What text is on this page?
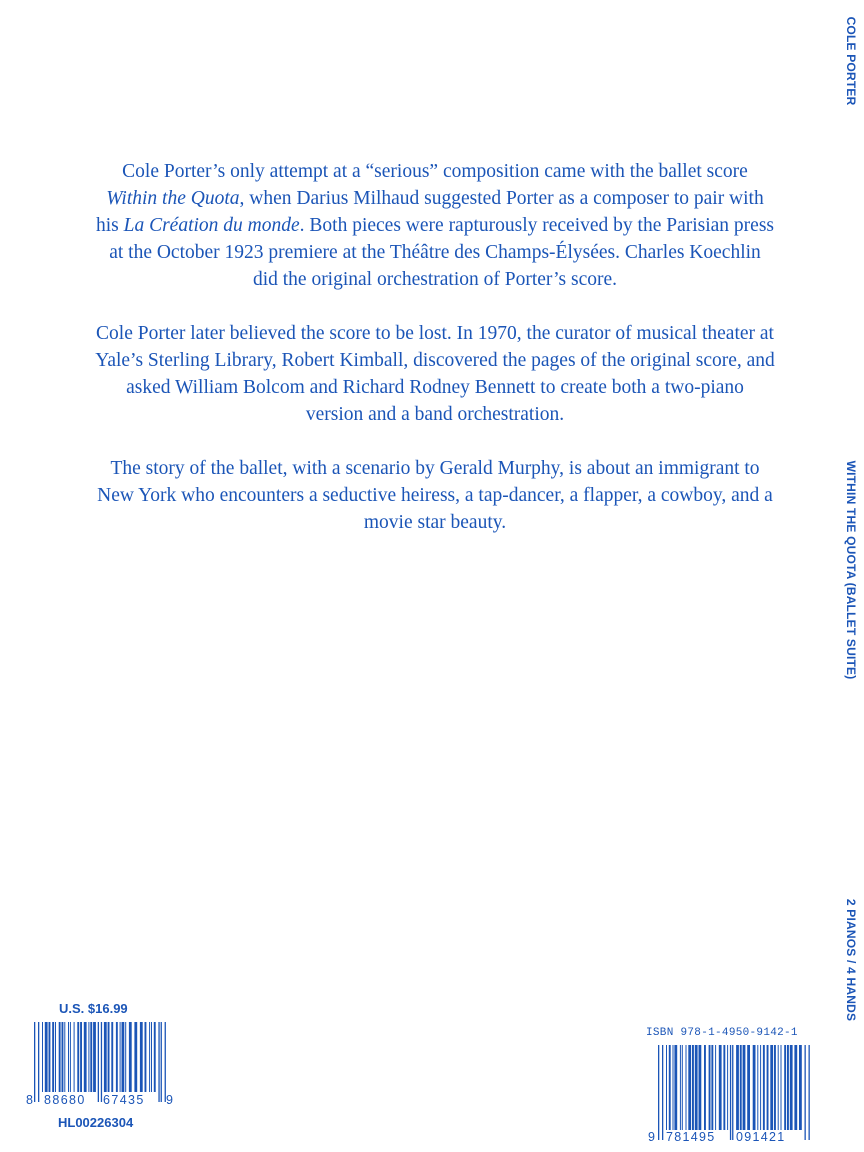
COLE PORTER
WITHIN THE QUOTA (BALLET SUITE)
2 PIANOS / 4 HANDS

Cole Porter’s only attempt at a “serious” composition came with the ballet score Within the Quota, when Darius Milhaud suggested Porter as a composer to pair with his La Création du monde. Both pieces were rapturously received by the Parisian press at the October 1923 premiere at the Théâtre des Champs-Élysées. Charles Koechlin did the original orchestration of Porter’s score.

Cole Porter later believed the score to be lost. In 1970, the curator of musical theater at Yale’s Sterling Library, Robert Kimball, discovered the pages of the original score, and asked William Bolcom and Richard Rodney Bennett to create both a two-piano version and a band orchestration.

The story of the ballet, with a scenario by Gerald Murphy, is about an immigrant to New York who encounters a seductive heiress, a tap-dancer, a flapper, a cowboy, and a movie star beauty.

U.S. $16.99
8 88680 67435 9
HL00226304
ISBN 978-1-4950-9142-1
9 781495 091421
